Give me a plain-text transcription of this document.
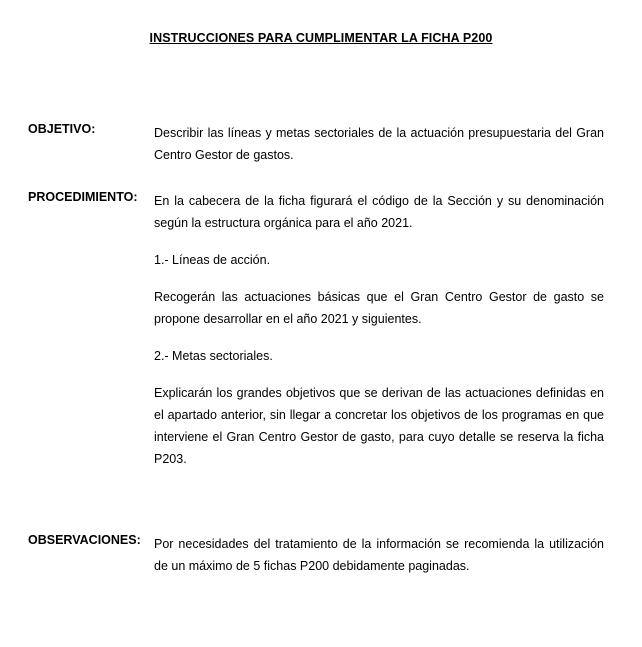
INSTRUCCIONES PARA CUMPLIMENTAR LA FICHA P200
OBJETIVO:	Describir las líneas y metas sectoriales de la actuación presupuestaria del Gran Centro Gestor de gastos.

PROCEDIMIENTO: En la cabecera de la ficha figurará el código de la Sección y su denominación según la estructura orgánica para el año 2021.

1.- Líneas de acción.

Recogerán las actuaciones básicas que el Gran Centro Gestor de gasto se propone desarrollar en el año 2021 y siguientes.

2.- Metas sectoriales.

Explicarán los grandes objetivos que se derivan de las actuaciones definidas en el apartado anterior, sin llegar a concretar los objetivos de los programas en que interviene el Gran Centro Gestor de gasto, para cuyo detalle se reserva la ficha P203.

OBSERVACIONES: Por necesidades del tratamiento de la información se recomienda la utilización de un máximo de 5 fichas P200 debidamente paginadas.
